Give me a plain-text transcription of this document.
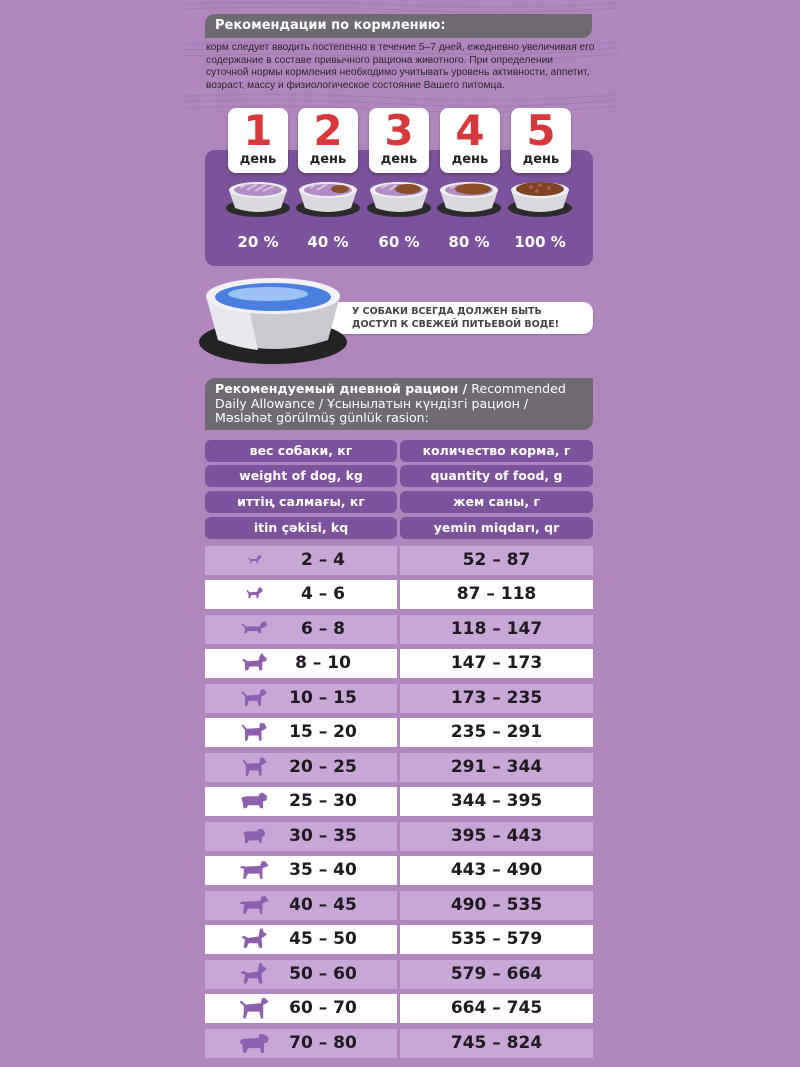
Рекомендации по кормлению:
корм следует вводить постепенно в течение 5–7 дней, ежедневно увеличивая его содержание в составе привычного рациона животного. При определении суточной нормы кормления необходимо учитывать уровень активности, аппетит, возраст, массу и физиологическое состояние Вашего питомца.
1
день
2
день
3
день
4
день
5
день
20 %	40 %	60 %	80 %	100 %
У СОБАКИ ВСЕГДА ДОЛЖЕН БЫТЬ
ДОСТУП К СВЕЖЕЙ ПИТЬЕВОЙ ВОДЕ!
Рекомендуемый дневной рацион / Recommended Daily Allowance / Ұсынылатын күндізгі рацион / Məsləhət görülmüş günlük rasion:
вес собаки, кг	количество корма, г
weight of dog, kg	quantity of food, g
иттің салмағы, кг	жем саны, г
itin çəkisi, kq	yemin miqdarı, qr
2 – 4	52 – 87
4 – 6	87 – 118
6 – 8	118 – 147
8 – 10	147 – 173
10 – 15	173 – 235
15 – 20	235 – 291
20 – 25	291 – 344
25 – 30	344 – 395
30 – 35	395 – 443
35 – 40	443 – 490
40 – 45	490 – 535
45 – 50	535 – 579
50 – 60	579 – 664
60 – 70	664 – 745
70 – 80	745 – 824
